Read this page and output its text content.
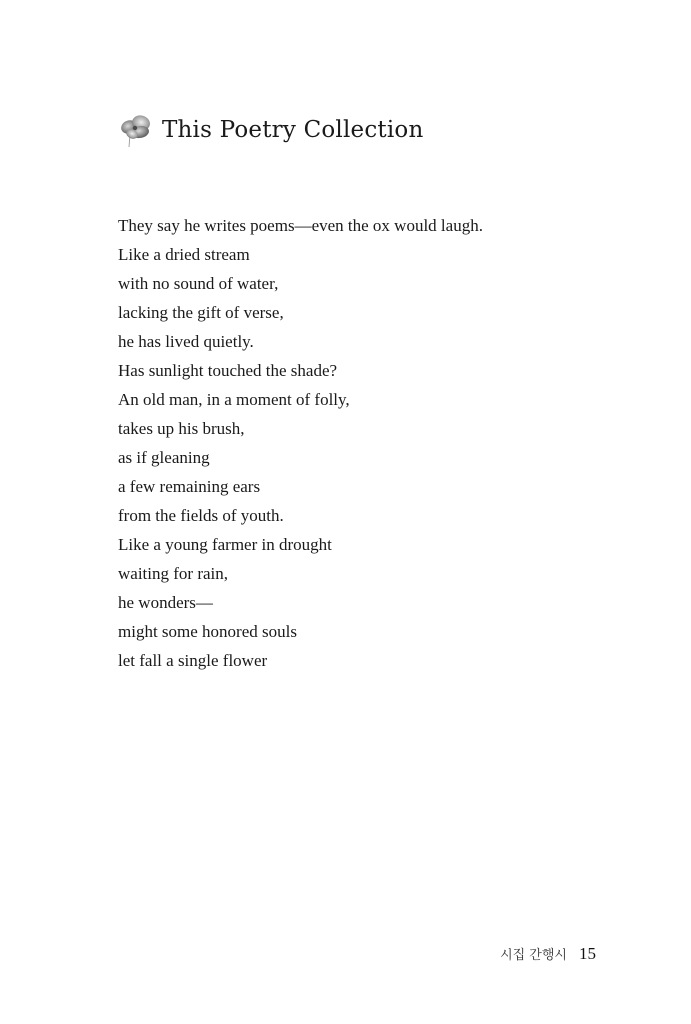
This Poetry Collection
They say he writes poems—even the ox would laugh.
Like a dried stream
with no sound of water,
lacking the gift of verse,
he has lived quietly.
Has sunlight touched the shade?
An old man, in a moment of folly,
takes up his brush,
as if gleaning
a few remaining ears
from the fields of youth.
Like a young farmer in drought
waiting for rain,
he wonders—
might some honored souls
let fall a single flower
시집 간행시 15
